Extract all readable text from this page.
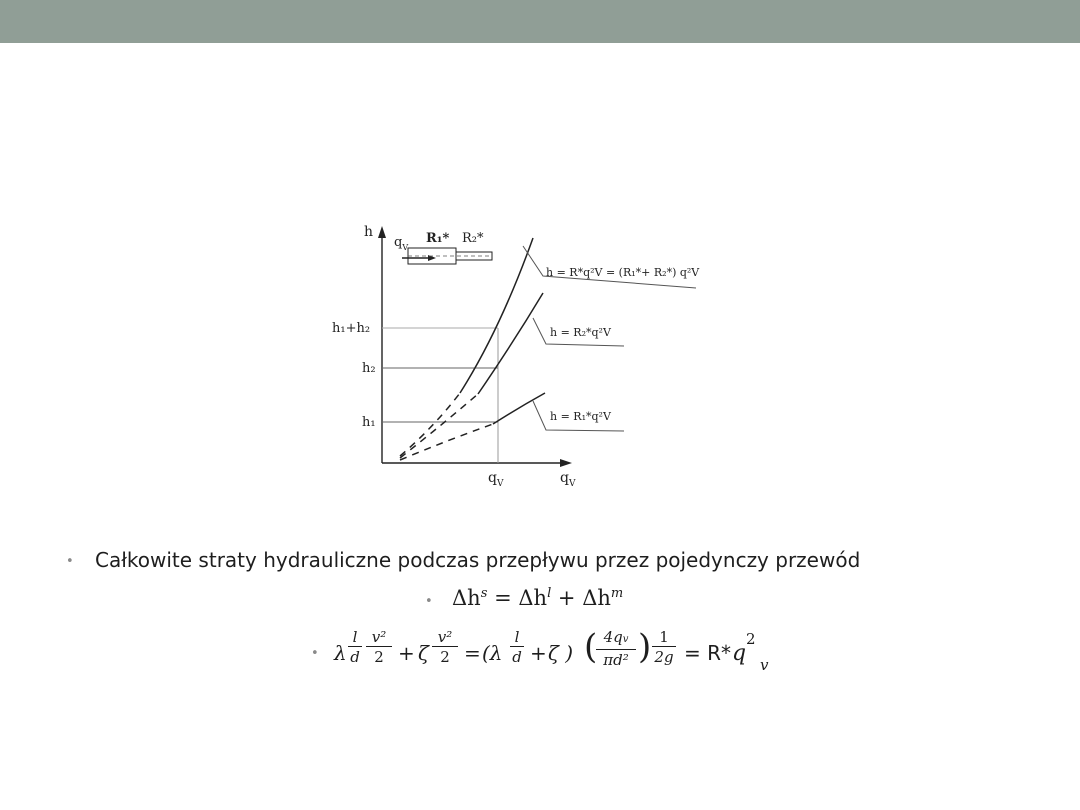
h
h₁+h₂
h₂
h₁
$q_V$	$q_V$
$q_V$
R₁* R₂*
h = R*q²V = (R₁*+ R₂*) q²V
h = R₂*q²V
h = R₁*q²V
• Całkowite straty hydrauliczne podczas przepływu przez pojedynczy przewód
• $\Delta h^s = \Delta h^l + \Delta h^m$
• λ $\frac{l}{d} \frac{\text{v²}}{2} + \zeta \frac{\text{v²}}{2} = (\lambda \frac{l}{d} + \zeta$ ) (
$\frac{4qv}{\text{πd²}}$ ) $\frac{1}{2g} = R*$ q
2
v
